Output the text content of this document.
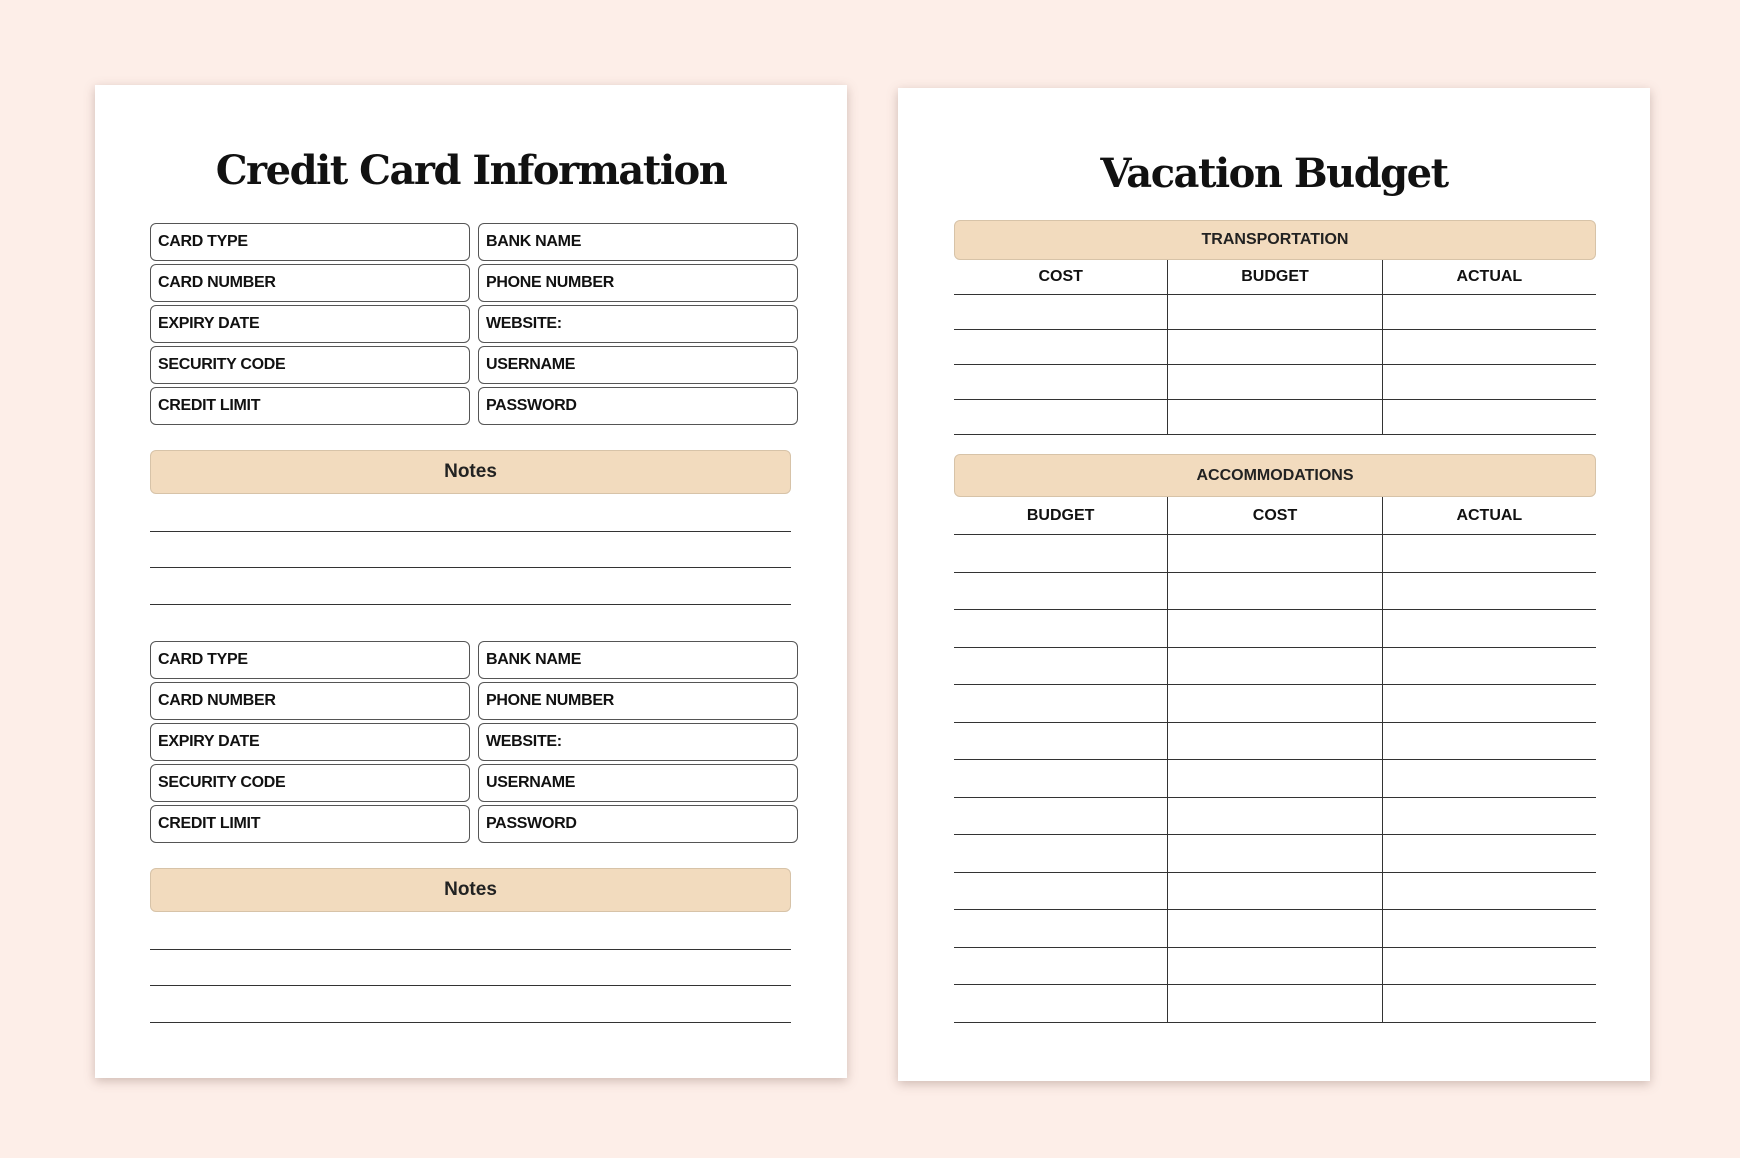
Credit Card Information
CARD TYPE	BANK NAME
CARD NUMBER	PHONE NUMBER
EXPIRY DATE	WEBSITE:
SECURITY CODE	USERNAME
CREDIT LIMIT	PASSWORD
Notes
CARD TYPE	BANK NAME
CARD NUMBER	PHONE NUMBER
EXPIRY DATE	WEBSITE:
SECURITY CODE	USERNAME
CREDIT LIMIT	PASSWORD
Notes
Vacation Budget
TRANSPORTATION
COST	BUDGET	ACTUAL
ACCOMMODATIONS
BUDGET	COST	ACTUAL
